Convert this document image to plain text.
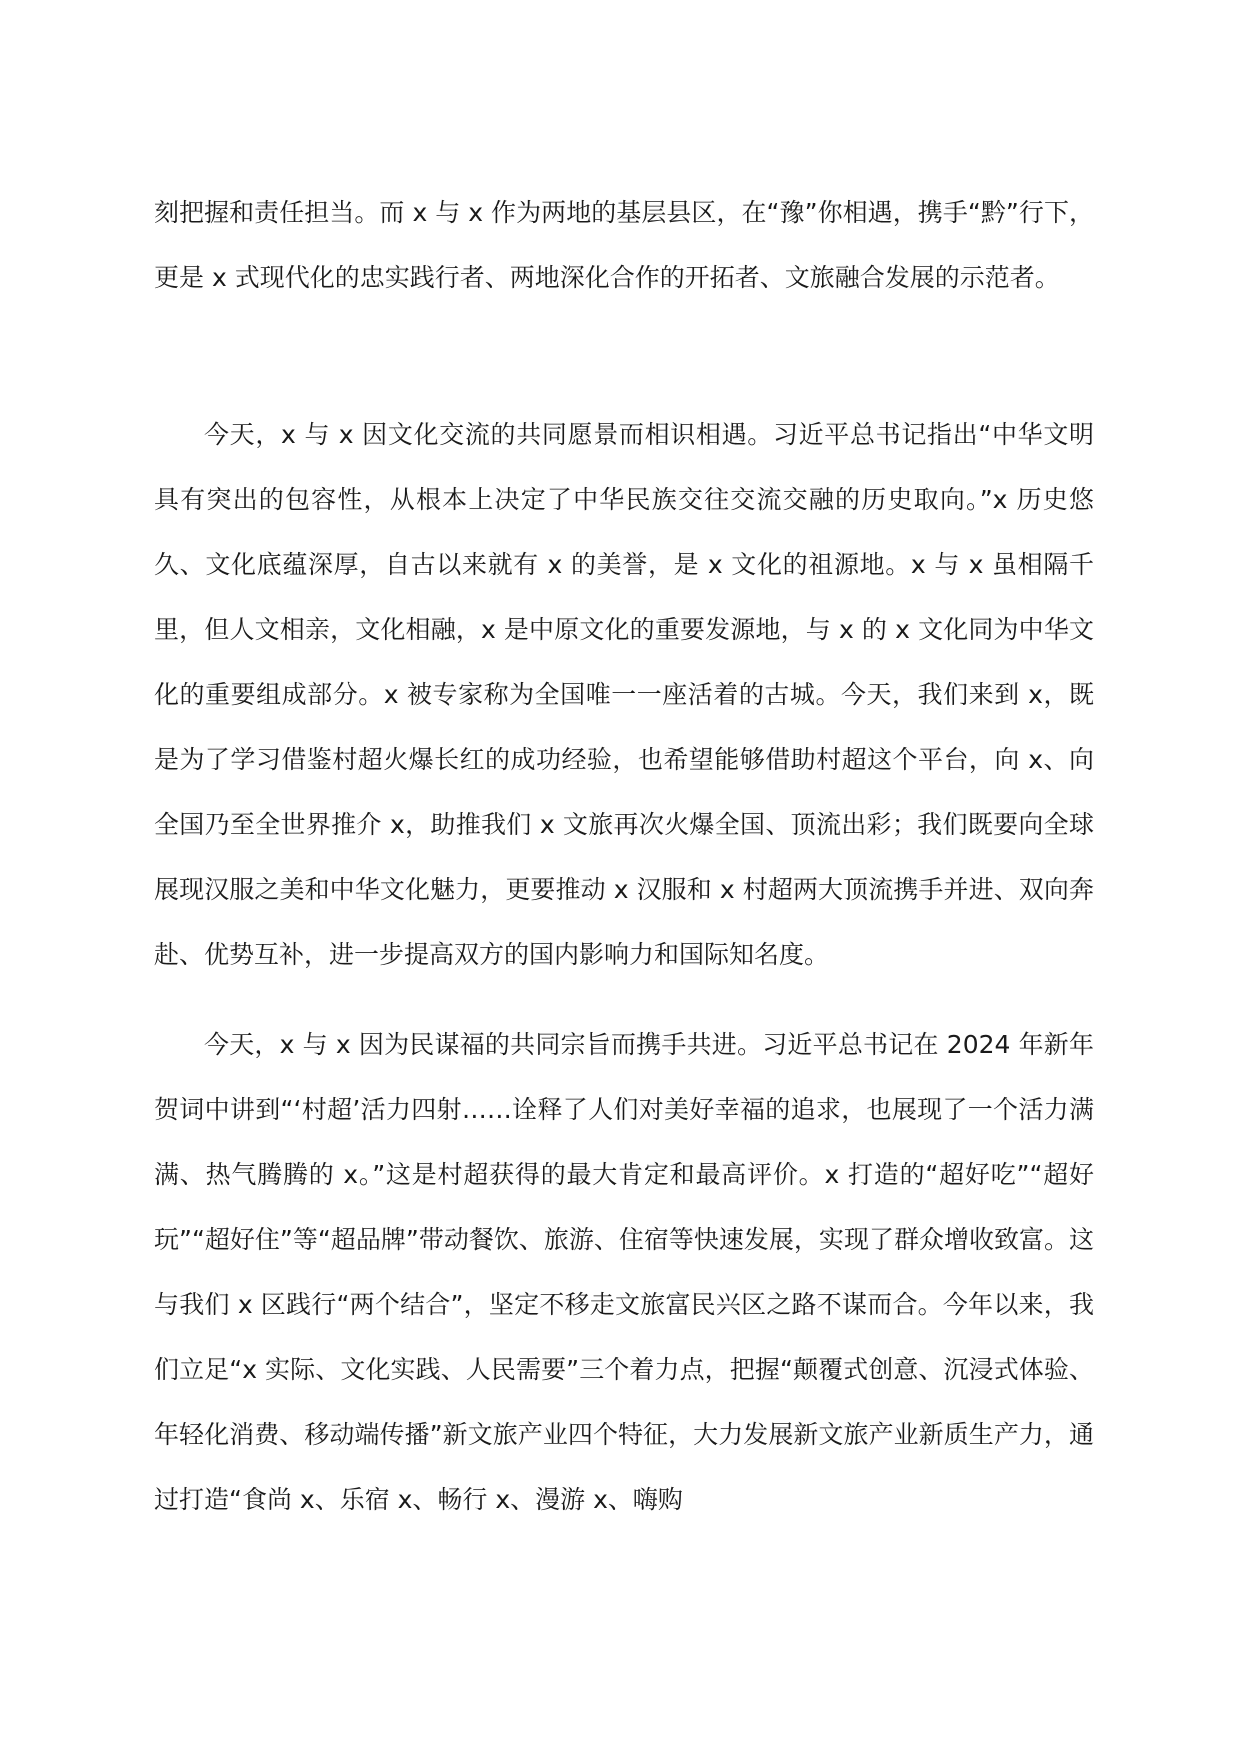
刻把握和责任担当。而 x 与 x 作为两地的基层县区，在“豫”你相遇，携手“黔”行下，更是 x 式现代化的忠实践行者、两地深化合作的开拓者、文旅融合发展的示范者。

今天，x 与 x 因文化交流的共同愿景而相识相遇。习近平总书记指出“中华文明具有突出的包容性，从根本上决定了中华民族交往交流交融的历史取向。”x 历史悠久、文化底蕴深厚，自古以来就有 x 的美誉，是 x 文化的祖源地。x 与 x 虽相隔千里，但人文相亲，文化相融，x 是中原文化的重要发源地，与 x 的 x 文化同为中华文化的重要组成部分。x 被专家称为全国唯一一座活着的古城。今天，我们来到 x，既是为了学习借鉴村超火爆长红的成功经验，也希望能够借助村超这个平台，向 x、向全国乃至全世界推介 x，助推我们 x 文旅再次火爆全国、顶流出彩；我们既要向全球展现汉服之美和中华文化魅力，更要推动 x 汉服和 x 村超两大顶流携手并进、双向奔赴、优势互补，进一步提高双方的国内影响力和国际知名度。

今天，x 与 x 因为民谋福的共同宗旨而携手共进。习近平总书记在 2024 年新年贺词中讲到“‘村超’活力四射……诠释了人们对美好幸福的追求，也展现了一个活力满满、热气腾腾的 x。”这是村超获得的最大肯定和最高评价。x 打造的“超好吃”“超好玩”“超好住”等“超品牌”带动餐饮、旅游、住宿等快速发展，实现了群众增收致富。这与我们 x 区践行“两个结合”，坚定不移走文旅富民兴区之路不谋而合。今年以来，我们立足“x 实际、文化实践、人民需要”三个着力点，把握“颠覆式创意、沉浸式体验、年轻化消费、移动端传播”新文旅产业四个特征，大力发展新文旅产业新质生产力，通过打造“食尚 x、乐宿 x、畅行 x、漫游 x、嗨购
